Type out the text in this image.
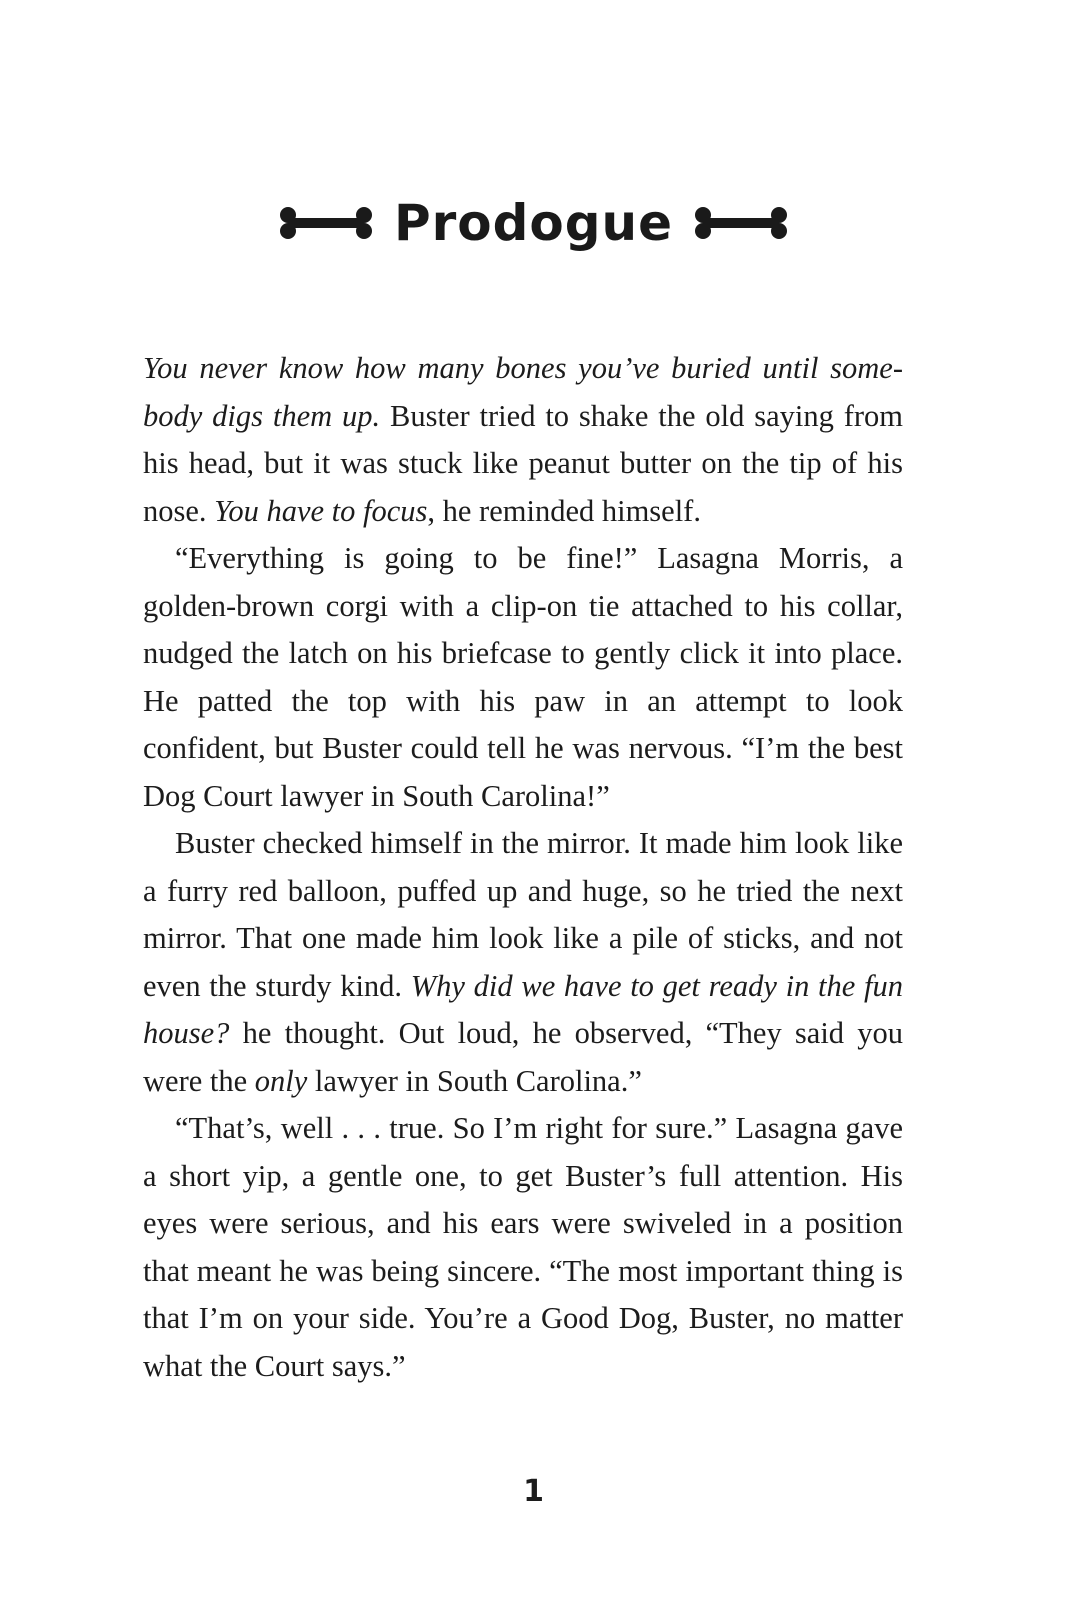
Prodogue

You never know how many bones you’ve buried until somebody digs them up. Buster tried to shake the old saying from his head, but it was stuck like peanut butter on the tip of his nose. You have to focus, he reminded himself.

“Everything is going to be fine!” Lasagna Morris, a golden-brown corgi with a clip-on tie attached to his collar, nudged the latch on his briefcase to gently click it into place. He patted the top with his paw in an attempt to look confident, but Buster could tell he was nervous. “I’m the best Dog Court lawyer in South Carolina!”

Buster checked himself in the mirror. It made him look like a furry red balloon, puffed up and huge, so he tried the next mirror. That one made him look like a pile of sticks, and not even the sturdy kind. Why did we have to get ready in the fun house? he thought. Out loud, he observed, “They said you were the only lawyer in South Carolina.”

“That’s, well . . . true. So I’m right for sure.” Lasagna gave a short yip, a gentle one, to get Buster’s full attention. His eyes were serious, and his ears were swiveled in a position that meant he was being sincere. “The most important thing is that I’m on your side. You’re a Good Dog, Buster, no matter what the Court says.”

1
